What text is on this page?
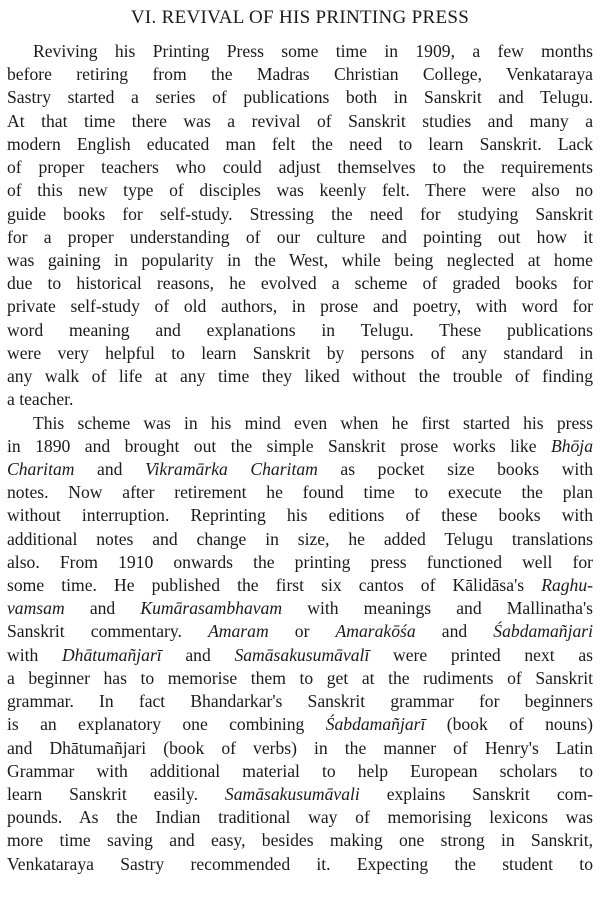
VI. REVIVAL OF HIS PRINTING PRESS
Reviving his Printing Press some time in 1909, a few months
before retiring from the Madras Christian College, Venkataraya
Sastry started a series of publications both in Sanskrit and Telugu.
At that time there was a revival of Sanskrit studies and many a
modern English educated man felt the need to learn Sanskrit. Lack
of proper teachers who could adjust themselves to the requirements
of this new type of disciples was keenly felt. There were also no
guide books for self-study. Stressing the need for studying Sanskrit
for a proper understanding of our culture and pointing out how it
was gaining in popularity in the West, while being neglected at home
due to historical reasons, he evolved a scheme of graded books for
private self-study of old authors, in prose and poetry, with word for
word meaning and explanations in Telugu. These publications
were very helpful to learn Sanskrit by persons of any standard in
any walk of life at any time they liked without the trouble of finding
a teacher.
This scheme was in his mind even when he first started his press
in 1890 and brought out the simple Sanskrit prose works like Bhōja
Charitam and Vikramārka Charitam as pocket size books with
notes. Now after retirement he found time to execute the plan
without interruption. Reprinting his editions of these books with
additional notes and change in size, he added Telugu translations
also. From 1910 onwards the printing press functioned well for
some time. He published the first six cantos of Kālidāsa's Raghu-
vamsam and Kumārasambhavam with meanings and Mallinatha's
Sanskrit commentary. Amaram or Amarakōśa and Śabdamañjari
with Dhātumañjarī and Samāsakusumāvalī were printed next as
a beginner has to memorise them to get at the rudiments of Sanskrit
grammar. In fact Bhandarkar's Sanskrit grammar for beginners
is an explanatory one combining Śabdamañjarī (book of nouns)
and Dhātumañjari (book of verbs) in the manner of Henry's Latin
Grammar with additional material to help European scholars to
learn Sanskrit easily. Samāsakusumāvali explains Sanskrit com-
pounds. As the Indian traditional way of memorising lexicons was
more time saving and easy, besides making one strong in Sanskrit,
Venkataraya Sastry recommended it. Expecting the student to
